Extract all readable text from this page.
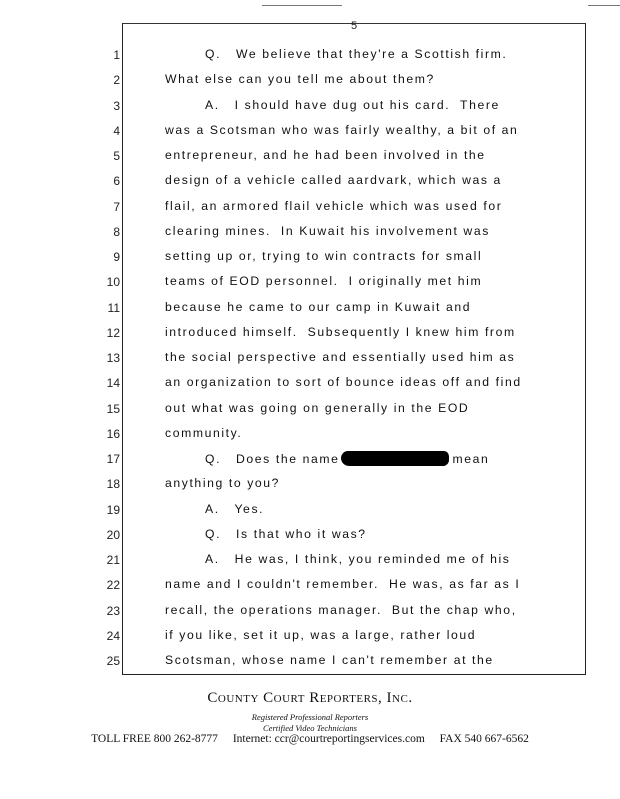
5
1	Q.   We believe that they're a Scottish firm.
2	What else can you tell me about them?
3	A.   I should have dug out his card.  There
4	was a Scotsman who was fairly wealthy, a bit of an
5	entrepreneur, and he had been involved in the
6	design of a vehicle called aardvark, which was a
7	flail, an armored flail vehicle which was used for
8	clearing mines.  In Kuwait his involvement was
9	setting up or, trying to win contracts for small
10	teams of EOD personnel.  I originally met him
11	because he came to our camp in Kuwait and
12	introduced himself.  Subsequently I knew him from
13	the social perspective and essentially used him as
14	an organization to sort of bounce ideas off and find
15	out what was going on generally in the EOD
16	community.
17	Q.   Does the name	mean
18	anything to you?
19	A.   Yes.
20	Q.   Is that who it was?
21	A.   He was, I think, you reminded me of his
22	name and I couldn't remember.  He was, as far as I
23	recall, the operations manager.  But the chap who,
24	if you like, set it up, was a large, rather loud
25	Scotsman, whose name I can't remember at the
County Court Reporters, Inc.
Registered Professional Reporters
Certified Video Technicians
TOLL FREE 800 262-8777 Internet: ccr@courtreportingservices.com FAX 540 667-6562
